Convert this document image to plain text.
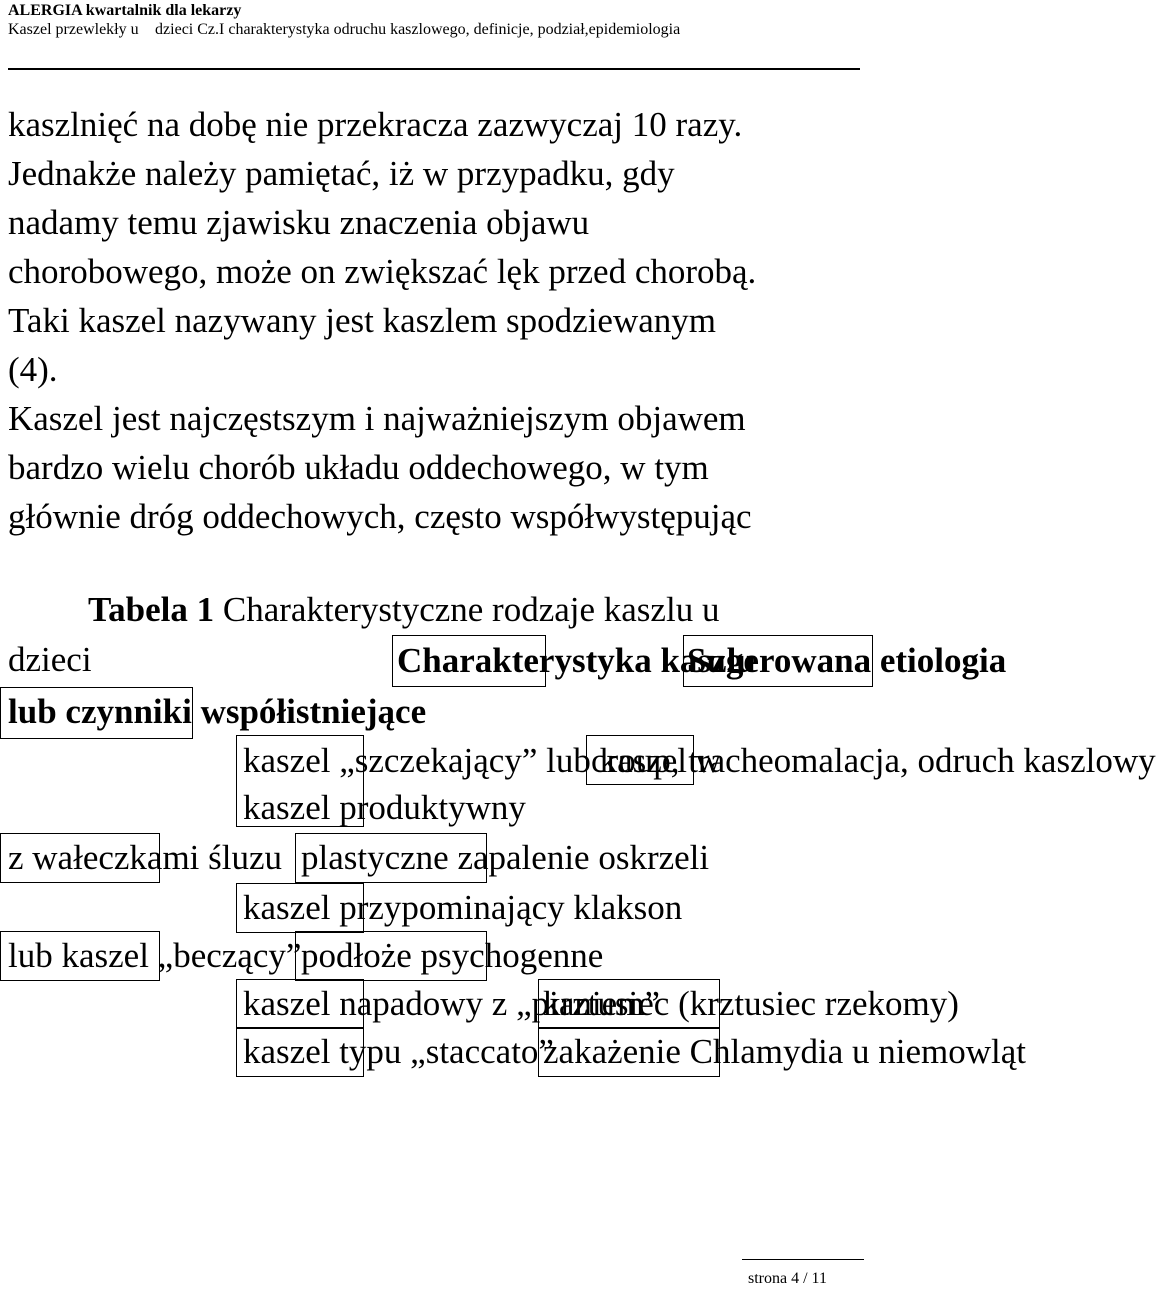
ALERGIA kwartalnik dla lekarzy
Kaszel przewlekły u  dzieci Cz.I charakterystyka odruchu kaszlowego, definicje, podział,epidemiologia
kaszlnięć na dobę nie przekracza zazwyczaj 10 razy.
Jednakże należy pamiętać, iż w przypadku, gdy
nadamy temu zjawisku znaczenia objawu
chorobowego, może on zwiększać lęk przed chorobą.
Taki kaszel nazywany jest kaszlem spodziewanym
(4).
Kaszel jest najczęstszym i najważniejszym objawem
bardzo wielu chorób układu oddechowego, w tym
głównie dróg oddechowych, często współwystępując
Tabela 1 Charakterystyczne rodzaje kaszlu u
dzieci	Charakterystyka kaszlu
Sugerowana etiologia
lub czynniki współistniejące
kaszel „szczekający” lub kaszel w
croup, tracheomalacja, odruch kaszlowy
kaszel produktywny
z wałeczkami śluzu plastyczne zapalenie oskrzeli
kaszel przypominający klakson
lub kaszel „beczący” podłoże psychogenne
kaszel napadowy z „pianiem”
krztusiec (krztusiec rzekomy)
kaszel typu „staccato”
zakażenie Chlamydia u niemowląt
strona 4 / 11
